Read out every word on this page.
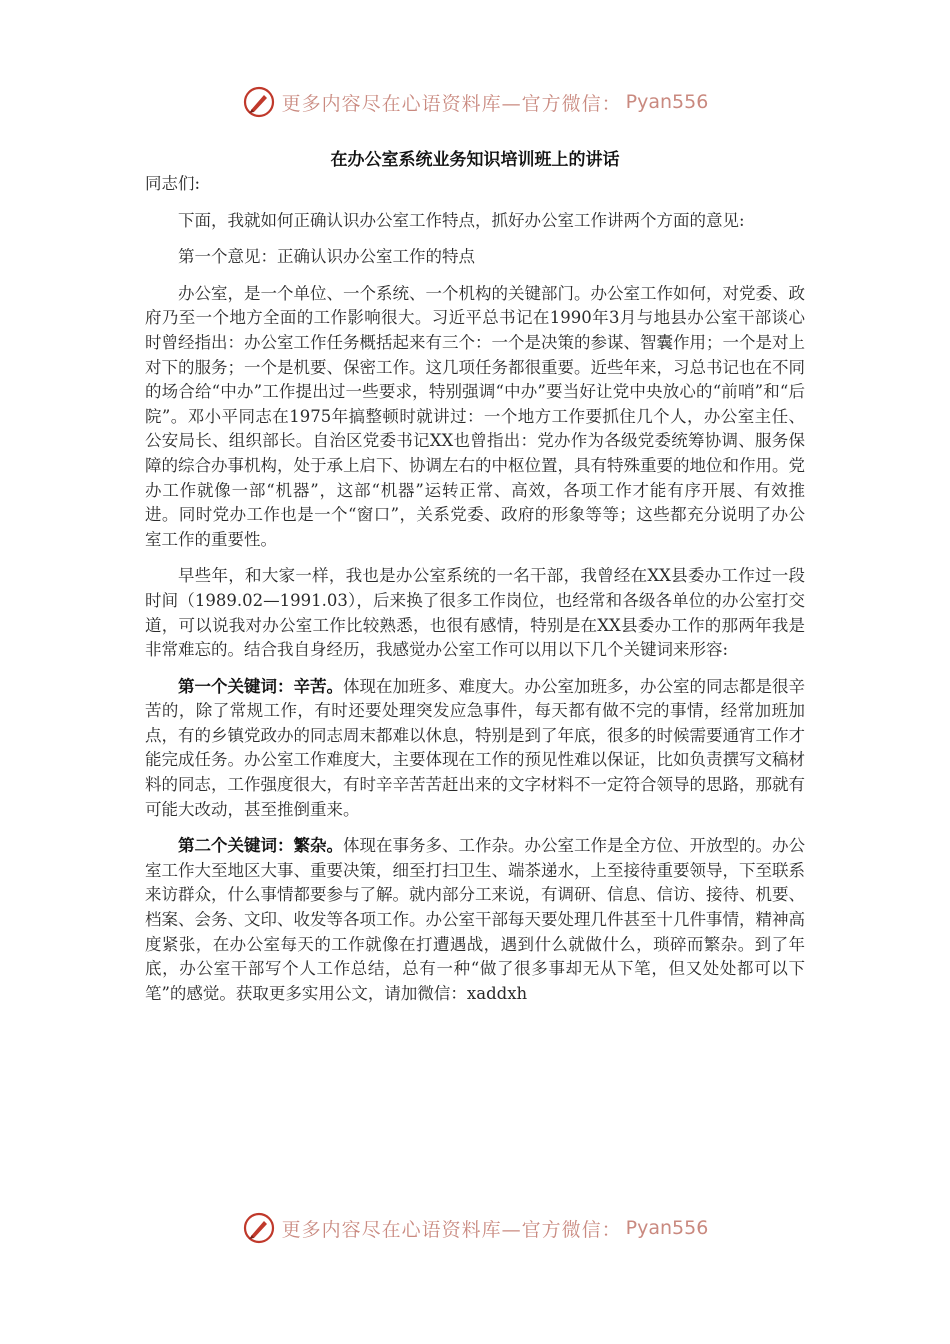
更多内容尽在心语资料库—官方微信： Pyan556
在办公室系统业务知识培训班上的讲话

同志们:

下面，我就如何正确认识办公室工作特点，抓好办公室工作讲两个方面的意见:

第一个意见：正确认识办公室工作的特点

办公室，是一个单位、一个系统、一个机构的关键部门。办公室工作如何，对党委、政府乃至一个地方全面的工作影响很大。习近平总书记在1990年3月与地县办公室干部谈心时曾经指出：办公室工作任务概括起来有三个：一个是决策的参谋、智囊作用；一个是对上对下的服务；一个是机要、保密工作。这几项任务都很重要。近些年来，习总书记也在不同的场合给“中办”工作提出过一些要求，特别强调“中办”要当好让党中央放心的“前哨”和“后院”。邓小平同志在1975年搞整顿时就讲过：一个地方工作要抓住几个人，办公室主任、公安局长、组织部长。自治区党委书记XX也曾指出：党办作为各级党委统筹协调、服务保障的综合办事机构，处于承上启下、协调左右的中枢位置，具有特殊重要的地位和作用。党办工作就像一部“机器”，这部“机器”运转正常、高效，各项工作才能有序开展、有效推进。同时党办工作也是一个“窗口”，关系党委、政府的形象等等；这些都充分说明了办公室工作的重要性。

早些年，和大家一样，我也是办公室系统的一名干部，我曾经在XX县委办工作过一段时间（1989.02—1991.03），后来换了很多工作岗位，也经常和各级各单位的办公室打交道，可以说我对办公室工作比较熟悉，也很有感情，特别是在XX县委办工作的那两年我是非常难忘的。结合我自身经历，我感觉办公室工作可以用以下几个关键词来形容:

第一个关键词：辛苦。体现在加班多、难度大。办公室加班多，办公室的同志都是很辛苦的，除了常规工作，有时还要处理突发应急事件，每天都有做不完的事情，经常加班加点，有的乡镇党政办的同志周末都难以休息，特别是到了年底，很多的时候需要通宵工作才能完成任务。办公室工作难度大，主要体现在工作的预见性难以保证，比如负责撰写文稿材料的同志，工作强度很大，有时辛辛苦苦赶出来的文字材料不一定符合领导的思路，那就有可能大改动，甚至推倒重来。

第二个关键词：繁杂。体现在事务多、工作杂。办公室工作是全方位、开放型的。办公室工作大至地区大事、重要决策，细至打扫卫生、端茶递水，上至接待重要领导，下至联系来访群众，什么事情都要参与了解。就内部分工来说，有调研、信息、信访、接待、机要、档案、会务、文印、收发等各项工作。办公室干部每天要处理几件甚至十几件事情，精神高度紧张，在办公室每天的工作就像在打遭遇战，遇到什么就做什么，琐碎而繁杂。到了年底，办公室干部写个人工作总结，总有一种“做了很多事却无从下笔，但又处处都可以下笔”的感觉。获取更多实用公文，请加微信：xaddxh

更多内容尽在心语资料库—官方微信： Pyan556
